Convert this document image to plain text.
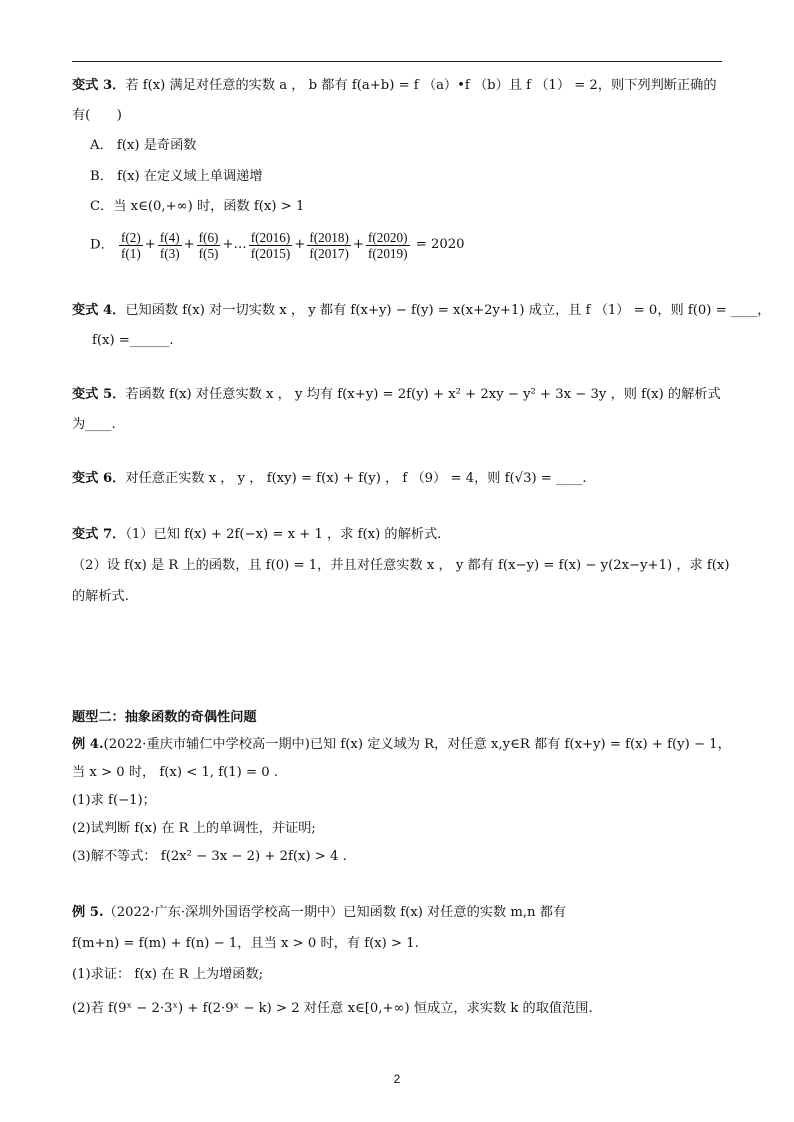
变式 3．若 f(x) 满足对任意的实数 a ， b 都有 f(a+b) = f （a）•f （b）且 f （1） = 2，则下列判断正确的
有(　　)
A． f(x) 是奇函数
B． f(x) 在定义域上单调递增
C．当 x∈(0,+∞) 时，函数 f(x) > 1
D． $\frac{f(2)}{f(1)} + \frac{f(4)}{f(3)} + \frac{f(6)}{f(5)}$ +… $\frac{f(2016)}{f(2015)} + \frac{f(2018)}{f(2017)} + \frac{f(2020)}{f(2019)} = 2020$
变式 4．已知函数 f(x) 对一切实数 x ， y 都有 f(x+y) − f(y) = x(x+2y+1) 成立，且 f （1） = 0，则 f(0) = ____，
f(x) =______.
变式 5．若函数 f(x) 对任意实数 x ， y 均有 f(x+y) = 2f(y) + x² + 2xy − y² + 3x − 3y ，则 f(x) 的解析式
为____.
变式 6．对任意正实数 x ， y ， f(xy) = f(x) + f(y) ， f （9） = 4，则 f(√3) = ____.
变式 7．（1）已知 f(x) + 2f(−x) = x + 1 ，求 f(x) 的解析式.
（2）设 f(x) 是 R 上的函数，且 f(0) = 1，并且对任意实数 x ， y 都有 f(x−y) = f(x) − y(2x−y+1) ，求 f(x)
的解析式.
题型二：抽象函数的奇偶性问题
例 4.(2022·重庆市辅仁中学校高一期中)已知 f(x) 定义域为 R，对任意 x,y∈R 都有 f(x+y) = f(x) + f(y) − 1，
当 x > 0 时， f(x) < 1, f(1) = 0 .
(1)求 f(−1)；
(2)试判断 f(x) 在 R 上的单调性，并证明;
(3)解不等式： f(2x² − 3x − 2) + 2f(x) > 4 .
例 5.（2022·广东·深圳外国语学校高一期中）已知函数 f(x) 对任意的实数 m,n 都有
f(m+n) = f(m) + f(n) − 1，且当 x > 0 时，有 f(x) > 1.
(1)求证： f(x) 在 R 上为增函数;
(2)若 f(9ˣ − 2·3ˣ) + f(2·9ˣ − k) > 2 对任意 x∈[0,+∞) 恒成立，求实数 k 的取值范围.
2
